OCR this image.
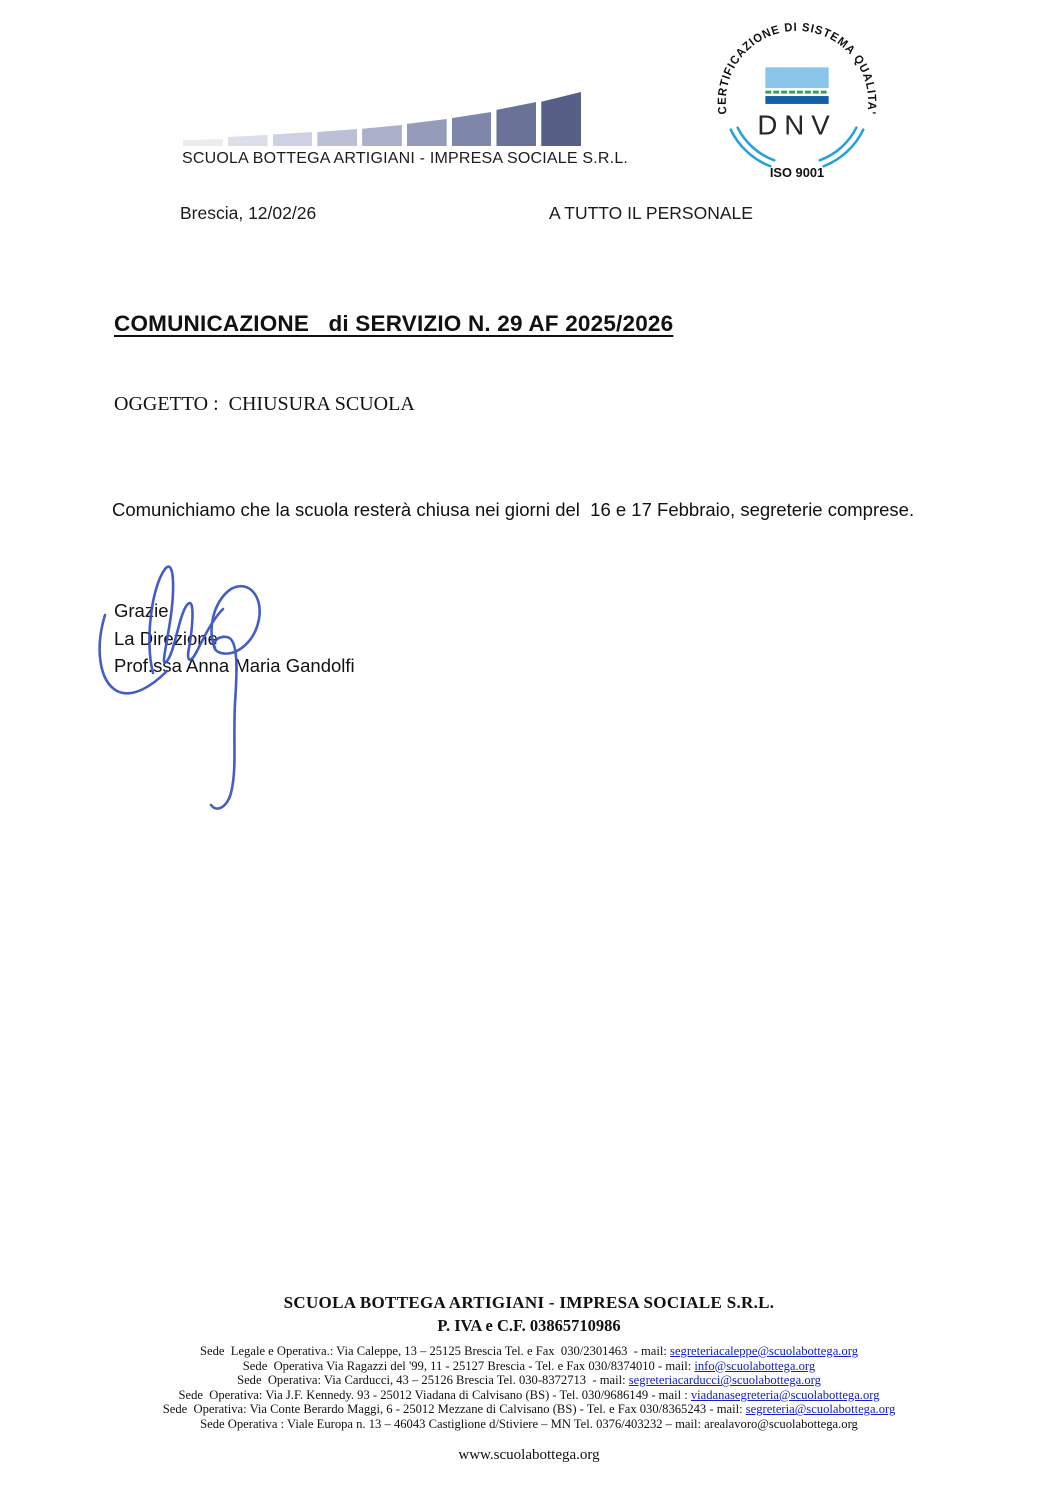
SCUOLA BOTTEGA ARTIGIANI - IMPRESA SOCIALE S.R.L.
CERTIFICAZIONE DI SISTEMA QUALITA'
DNV
ISO 9001
Brescia, 12/02/26	A TUTTO IL PERSONALE
COMUNICAZIONE   di SERVIZIO N. 29 AF 2025/2026
OGGETTO :  CHIUSURA SCUOLA
Comunichiamo che la scuola resterà chiusa nei giorni del  16 e 17 Febbraio, segreterie comprese.
Grazie
La Direzione
Prof.ssa Anna Maria Gandolfi
SCUOLA BOTTEGA ARTIGIANI - IMPRESA SOCIALE S.R.L.
P. IVA e C.F. 03865710986
Sede  Legale e Operativa.: Via Caleppe, 13 – 25125 Brescia Tel. e Fax  030/2301463  - mail: segreteriacaleppe@scuolabottega.org
Sede  Operativa Via Ragazzi del '99, 11 - 25127 Brescia - Tel. e Fax 030/8374010 - mail: info@scuolabottega.org
Sede  Operativa: Via Carducci, 43 – 25126 Brescia Tel. 030-8372713  - mail: segreteriacarducci@scuolabottega.org
Sede  Operativa: Via J.F. Kennedy. 93 - 25012 Viadana di Calvisano (BS) - Tel. 030/9686149 - mail : viadanasegreteria@scuolabottega.org
Sede  Operativa: Via Conte Berardo Maggi, 6 - 25012 Mezzane di Calvisano (BS) - Tel. e Fax 030/8365243 - mail: segreteria@scuolabottega.org
Sede Operativa : Viale Europa n. 13 – 46043 Castiglione d/Stiviere – MN Tel. 0376/403232 – mail: arealavoro@scuolabottega.org
www.scuolabottega.org
